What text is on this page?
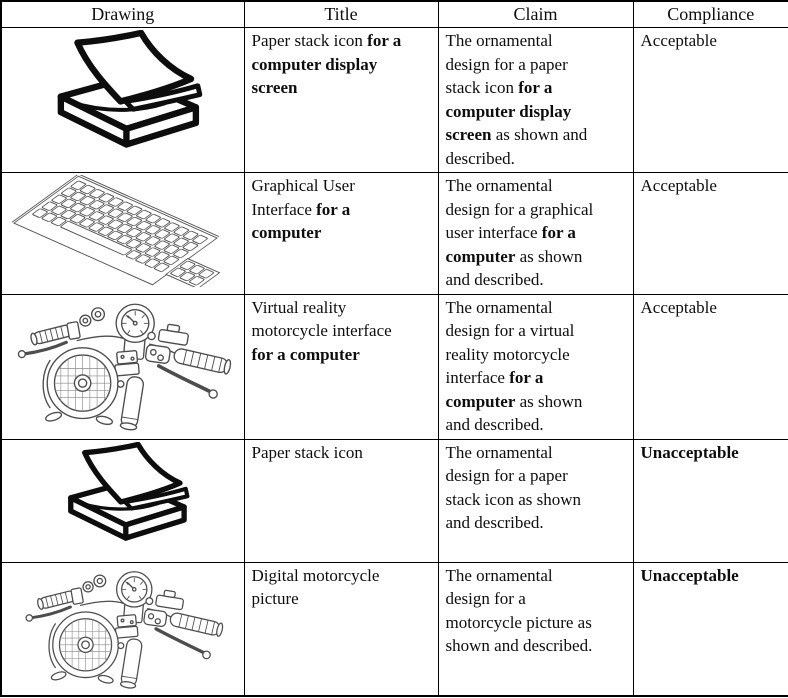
Drawing	Title	Claim	Compliance

	Paper stack icon for a computer display screen	The ornamental design for a paper stack icon for a computer display screen as shown and described.	Acceptable

	Graphical User Interface for a computer	The ornamental design for a graphical user interface for a computer as shown and described.	Acceptable

	Virtual reality motorcycle interface for a computer	The ornamental design for a virtual reality motorcycle interface for a computer as shown and described.	Acceptable

	Paper stack icon	The ornamental design for a paper stack icon as shown and described.	Unacceptable

	Digital motorcycle picture	The ornamental design for a motorcycle picture as shown and described.	Unacceptable
